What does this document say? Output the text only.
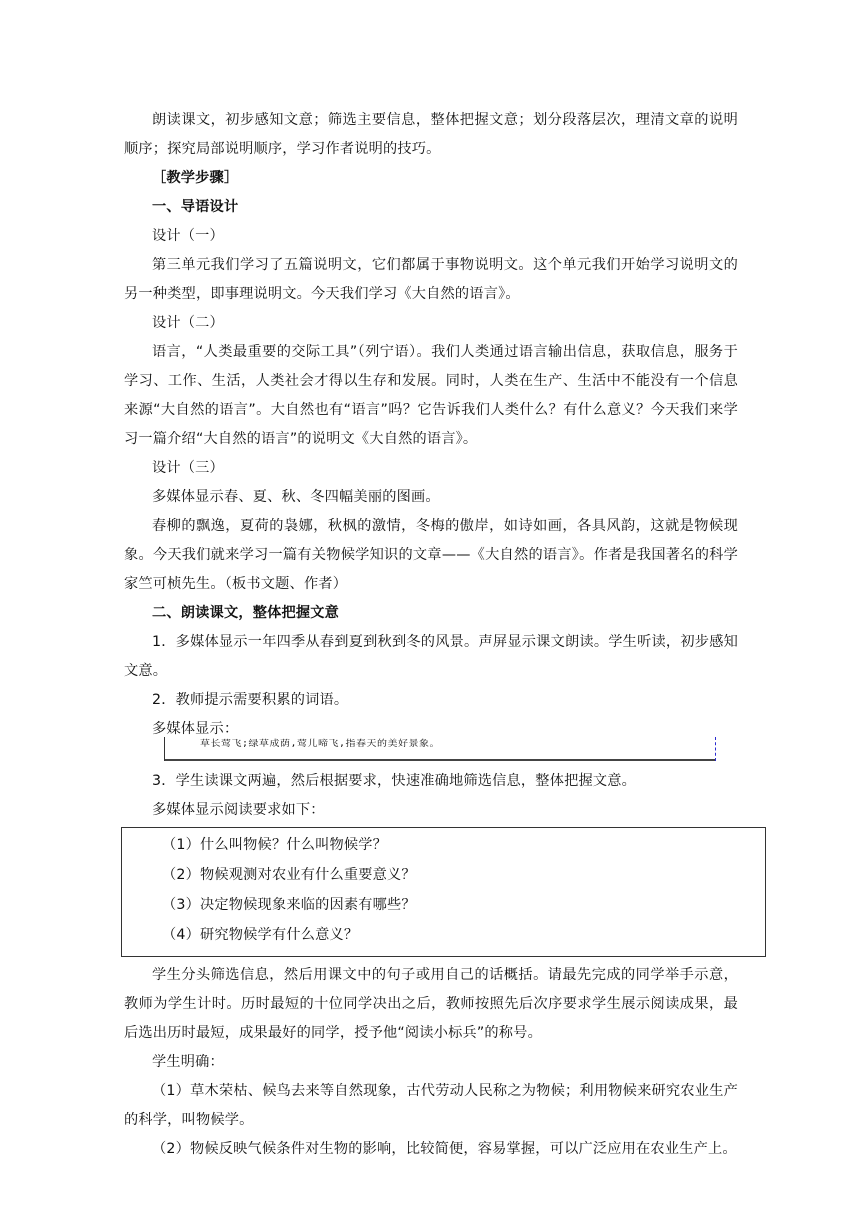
朗读课文，初步感知文意；筛选主要信息，整体把握文意；划分段落层次，理清文章的说明顺序；探究局部说明顺序，学习作者说明的技巧。

［教学步骤］

一、导语设计

设计（一）

第三单元我们学习了五篇说明文，它们都属于事物说明文。这个单元我们开始学习说明文的另一种类型，即事理说明文。今天我们学习《大自然的语言》。

设计（二）

语言，“人类最重要的交际工具”（列宁语）。我们人类通过语言输出信息，获取信息，服务于学习、工作、生活，人类社会才得以生存和发展。同时，人类在生产、生活中不能没有一个信息来源“大自然的语言”。大自然也有“语言”吗？它告诉我们人类什么？有什么意义？今天我们来学习一篇介绍“大自然的语言”的说明文《大自然的语言》。

设计（三）

多媒体显示春、夏、秋、冬四幅美丽的图画。

春柳的飘逸，夏荷的袅娜，秋枫的激情，冬梅的傲岸，如诗如画，各具风韵，这就是物候现象。今天我们就来学习一篇有关物候学知识的文章——《大自然的语言》。作者是我国著名的科学家竺可桢先生。（板书文题、作者）

二、朗读课文，整体把握文意

1．多媒体显示一年四季从春到夏到秋到冬的风景。声屏显示课文朗读。学生听读，初步感知文意。

2．教师提示需要积累的词语。

多媒体显示：

草长莺飞;绿草成荫,莺儿啼飞,指春天的美好景象。

3．学生读课文两遍，然后根据要求，快速准确地筛选信息，整体把握文意。

多媒体显示阅读要求如下：

（1）什么叫物候？什么叫物候学？

（2）物候观测对农业有什么重要意义？

（3）决定物候现象来临的因素有哪些？

（4）研究物候学有什么意义？

学生分头筛选信息，然后用课文中的句子或用自己的话概括。请最先完成的同学举手示意，教师为学生计时。历时最短的十位同学决出之后，教师按照先后次序要求学生展示阅读成果，最后选出历时最短，成果最好的同学，授予他“阅读小标兵”的称号。

学生明确：

（1）草木荣枯、候鸟去来等自然现象，古代劳动人民称之为物候；利用物候来研究农业生产的科学，叫物候学。

（2）物候反映气候条件对生物的影响，比较简便，容易掌握，可以广泛应用在农业生产上。
